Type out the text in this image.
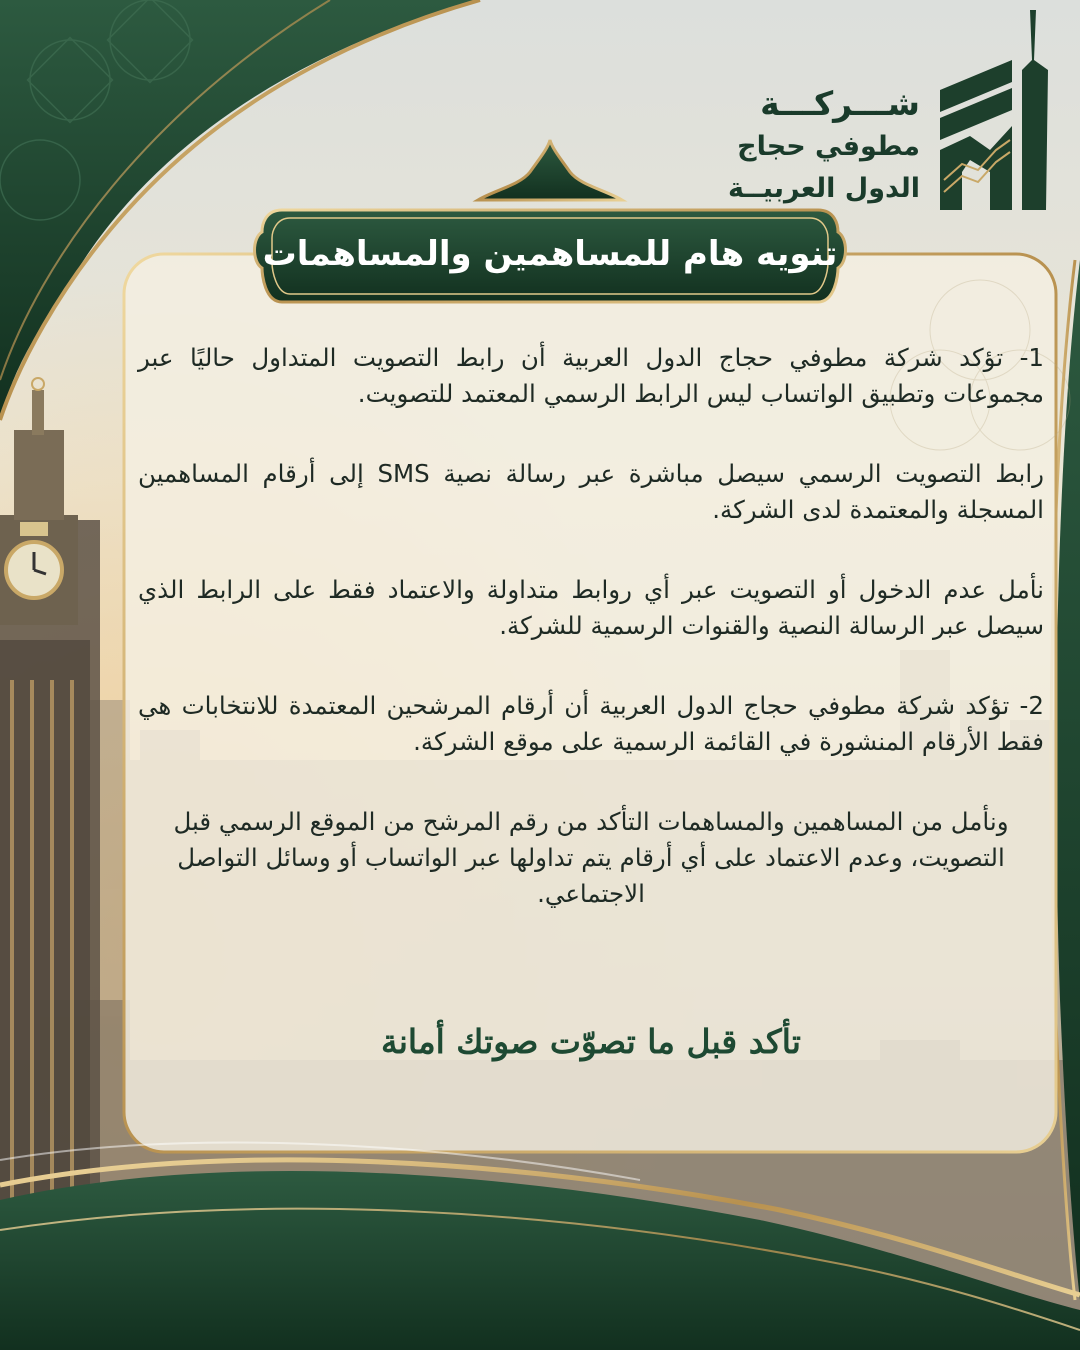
شـــركـــة
مطوفي حجاج
الدول العربيــة
تنويه هام للمساهمين والمساهمات

1- تؤكد شركة مطوفي حجاج الدول العربية أن رابط التصويت المتداول حاليًا عبر مجموعات وتطبيق الواتساب ليس الرابط الرسمي المعتمد للتصويت.

رابط التصويت الرسمي سيصل مباشرة عبر رسالة نصية SMS إلى أرقام المساهمين المسجلة والمعتمدة لدى الشركة.

نأمل عدم الدخول أو التصويت عبر أي روابط متداولة والاعتماد فقط على الرابط الذي سيصل عبر الرسالة النصية والقنوات الرسمية للشركة.

2- تؤكد شركة مطوفي حجاج الدول العربية أن أرقام المرشحين المعتمدة للانتخابات هي فقط الأرقام المنشورة في القائمة الرسمية على موقع الشركة.

ونأمل من المساهمين والمساهمات التأكد من رقم المرشح من الموقع الرسمي قبل التصويت، وعدم الاعتماد على أي أرقام يتم تداولها عبر الواتساب أو وسائل التواصل الاجتماعي.

تأكد قبل ما تصوّت صوتك أمانة
